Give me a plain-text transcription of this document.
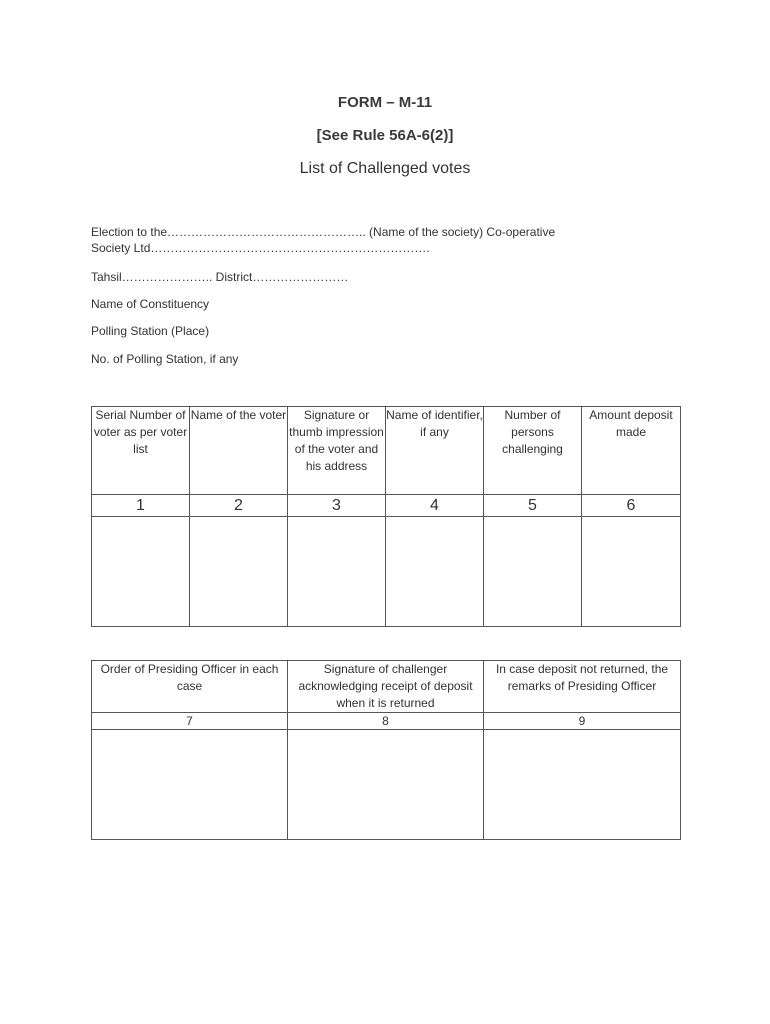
FORM – M-11
[See Rule 56A-6(2)]
List of Challenged votes
Election to the………………………………………….. (Name of the society) Co-operative Society Ltd…………………………………………………………….
Tahsil………………….. District……………………
Name of Constituency
Polling Station (Place)
No. of Polling Station, if any
Serial Number of voter as per voter list	Name of the voter	Signature or thumb impression of the voter and his address	Name of identifier, if any	Number of persons challenging	Amount deposit made
1	2	3	4	5	6

Order of Presiding Officer in each case	Signature of challenger acknowledging receipt of deposit when it is returned	In case deposit not returned, the remarks of Presiding Officer
7	8	9
